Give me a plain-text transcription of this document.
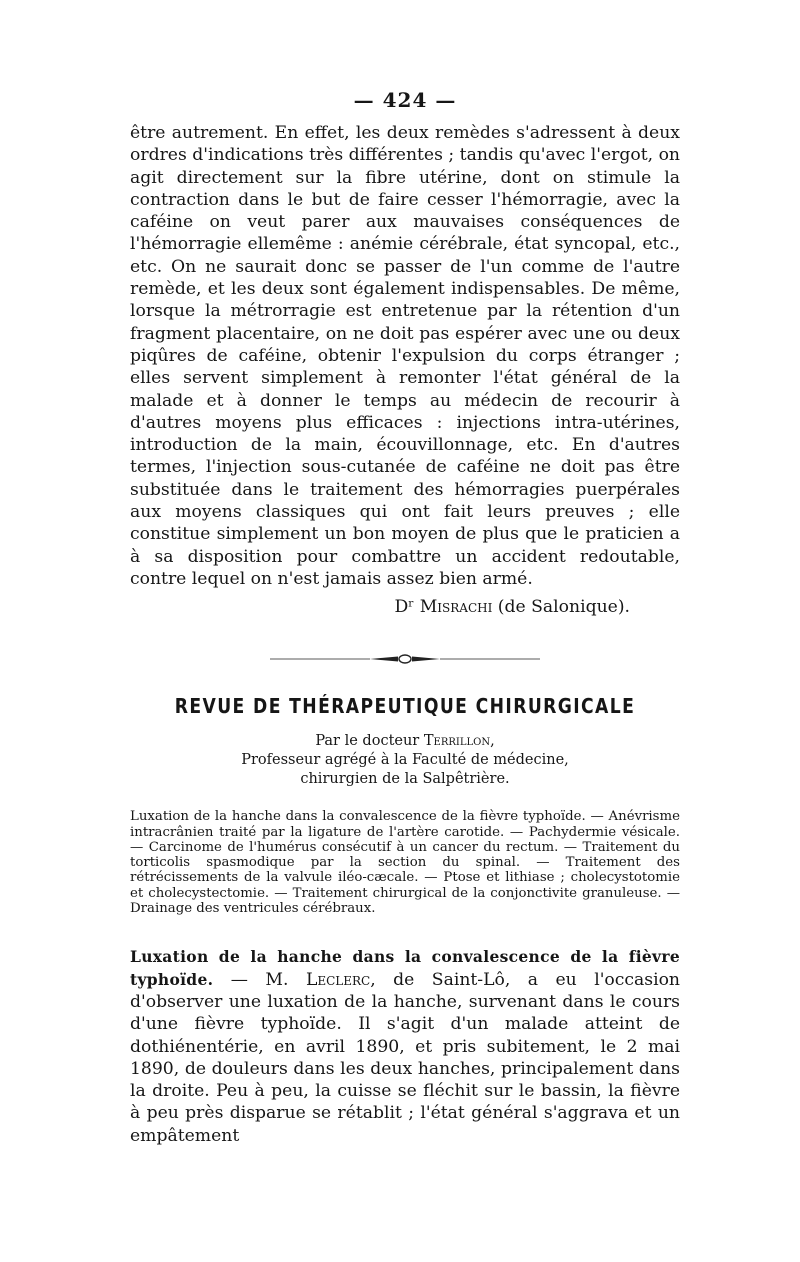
— 424 —

être autrement. En effet, les deux remèdes s'adressent à deux ordres d'indications très différentes ; tandis qu'avec l'ergot, on agit directement sur la fibre utérine, dont on stimule la contraction dans le but de faire cesser l'hémorragie, avec la caféine on veut parer aux mauvaises conséquences de l'hémorragie ellemême : anémie cérébrale, état syncopal, etc., etc. On ne saurait donc se passer de l'un comme de l'autre remède, et les deux sont également indispensables. De même, lorsque la métrorragie est entretenue par la rétention d'un fragment placentaire, on ne doit pas espérer avec une ou deux piqûres de caféine, obtenir l'expulsion du corps étranger ; elles servent simplement à remonter l'état général de la malade et à donner le temps au médecin de recourir à d'autres moyens plus efficaces : injections intra-utérines, introduction de la main, écouvillonnage, etc. En d'autres termes, l'injection sous-cutanée de caféine ne doit pas être substituée dans le traitement des hémorragies puerpérales aux moyens classiques qui ont fait leurs preuves ; elle constitue simplement un bon moyen de plus que le praticien a à sa disposition pour combattre un accident redoutable, contre lequel on n'est jamais assez bien armé.

Dʳ Misrachi (de Salonique).
REVUE DE THÉRAPEUTIQUE CHIRURGICALE
Par le docteur Terrillon,
Professeur agrégé à la Faculté de médecine,
chirurgien de la Salpêtrière.

Luxation de la hanche dans la convalescence de la fièvre typhoïde. — Anévrisme intracrânien traité par la ligature de l'artère carotide. — Pachydermie vésicale. — Carcinome de l'humérus consécutif à un cancer du rectum. — Traitement du torticolis spasmodique par la section du spinal. — Traitement des rétrécissements de la valvule iléo-cæcale. — Ptose et lithiase ; cholecystotomie et cholecystectomie. — Traitement chirurgical de la conjonctivite granuleuse. — Drainage des ventricules cérébraux.

Luxation de la hanche dans la convalescence de la fièvre typhoïde. — M. Leclerc, de Saint-Lô, a eu l'occasion d'observer une luxation de la hanche, survenant dans le cours d'une fièvre typhoïde. Il s'agit d'un malade atteint de dothiénentérie, en avril 1890, et pris subitement, le 2 mai 1890, de douleurs dans les deux hanches, principalement dans la droite. Peu à peu, la cuisse se fléchit sur le bassin, la fièvre à peu près disparue se rétablit ; l'état général s'aggrava et un empâtement
